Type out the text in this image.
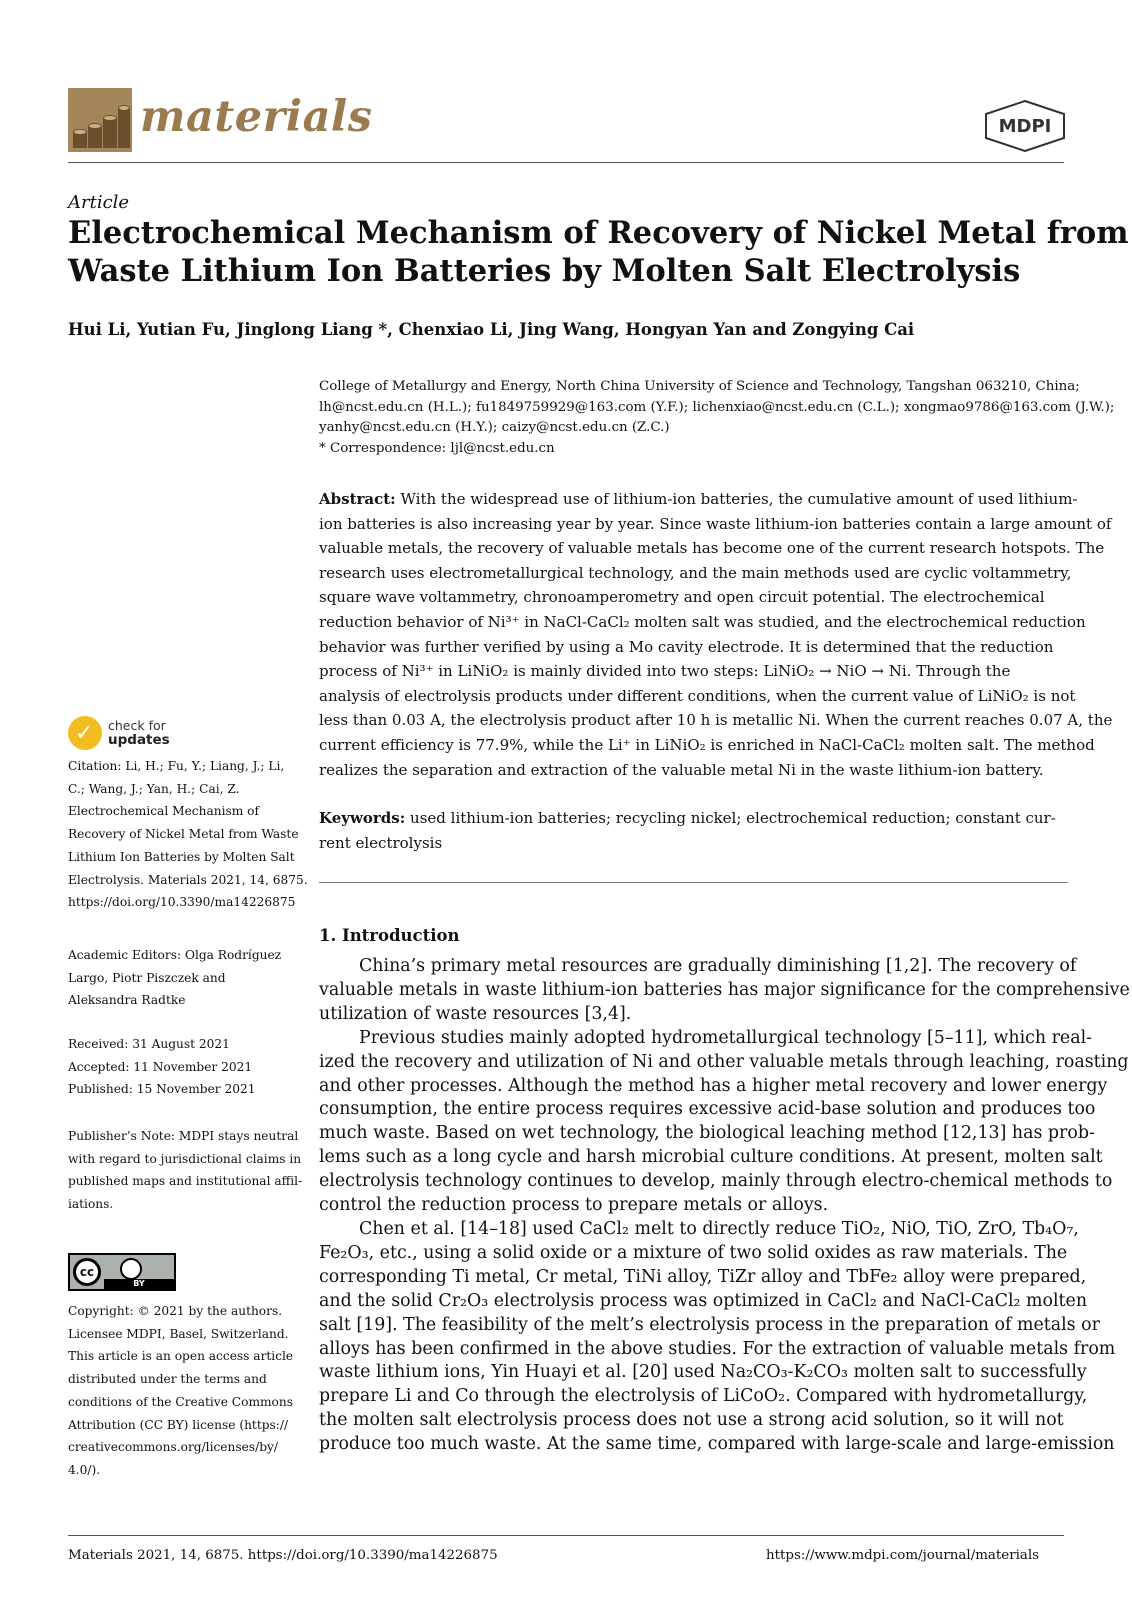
materials	MDPI
Article
Electrochemical Mechanism of Recovery of Nickel Metal from
Waste Lithium Ion Batteries by Molten Salt Electrolysis
Hui Li, Yutian Fu, Jinglong Liang *, Chenxiao Li, Jing Wang, Hongyan Yan and Zongying Cai
College of Metallurgy and Energy, North China University of Science and Technology, Tangshan 063210, China;
lh@ncst.edu.cn (H.L.); fu1849759929@163.com (Y.F.); lichenxiao@ncst.edu.cn (C.L.); xongmao9786@163.com (J.W.);
yanhy@ncst.edu.cn (H.Y.); caizy@ncst.edu.cn (Z.C.)
* Correspondence: ljl@ncst.edu.cn
Abstract: With the widespread use of lithium-ion batteries, the cumulative amount of used lithium-
ion batteries is also increasing year by year. Since waste lithium-ion batteries contain a large amount of
valuable metals, the recovery of valuable metals has become one of the current research hotspots. The
research uses electrometallurgical technology, and the main methods used are cyclic voltammetry,
square wave voltammetry, chronoamperometry and open circuit potential. The electrochemical
reduction behavior of Ni³⁺ in NaCl-CaCl₂ molten salt was studied, and the electrochemical reduction
behavior was further verified by using a Mo cavity electrode. It is determined that the reduction
process of Ni³⁺ in LiNiO₂ is mainly divided into two steps: LiNiO₂ → NiO → Ni. Through the
analysis of electrolysis products under different conditions, when the current value of LiNiO₂ is not
less than 0.03 A, the electrolysis product after 10 h is metallic Ni. When the current reaches 0.07 A, the
current efficiency is 77.9%, while the Li⁺ in LiNiO₂ is enriched in NaCl-CaCl₂ molten salt. The method
realizes the separation and extraction of the valuable metal Ni in the waste lithium-ion battery.
Keywords: used lithium-ion batteries; recycling nickel; electrochemical reduction; constant cur-
rent electrolysis
1. Introduction
China’s primary metal resources are gradually diminishing [1,2]. The recovery of
valuable metals in waste lithium-ion batteries has major significance for the comprehensive
utilization of waste resources [3,4].
Previous studies mainly adopted hydrometallurgical technology [5–11], which real-
ized the recovery and utilization of Ni and other valuable metals through leaching, roasting
and other processes. Although the method has a higher metal recovery and lower energy
consumption, the entire process requires excessive acid-base solution and produces too
much waste. Based on wet technology, the biological leaching method [12,13] has prob-
lems such as a long cycle and harsh microbial culture conditions. At present, molten salt
electrolysis technology continues to develop, mainly through electro-chemical methods to
control the reduction process to prepare metals or alloys.
Chen et al. [14–18] used CaCl₂ melt to directly reduce TiO₂, NiO, TiO, ZrO, Tb₄O₇,
Fe₂O₃, etc., using a solid oxide or a mixture of two solid oxides as raw materials. The
corresponding Ti metal, Cr metal, TiNi alloy, TiZr alloy and TbFe₂ alloy were prepared,
and the solid Cr₂O₃ electrolysis process was optimized in CaCl₂ and NaCl-CaCl₂ molten
salt [19]. The feasibility of the melt’s electrolysis process in the preparation of metals or
alloys has been confirmed in the above studies. For the extraction of valuable metals from
waste lithium ions, Yin Huayi et al. [20] used Na₂CO₃-K₂CO₃ molten salt to successfully
prepare Li and Co through the electrolysis of LiCoO₂. Compared with hydrometallurgy,
the molten salt electrolysis process does not use a strong acid solution, so it will not
produce too much waste. At the same time, compared with large-scale and large-emission
✓ check for
updates
Citation: Li, H.; Fu, Y.; Liang, J.; Li,
C.; Wang, J.; Yan, H.; Cai, Z.
Electrochemical Mechanism of
Recovery of Nickel Metal from Waste
Lithium Ion Batteries by Molten Salt
Electrolysis. Materials 2021, 14, 6875.
https://doi.org/10.3390/ma14226875
Academic Editors: Olga Rodríguez
Largo, Piotr Piszczek and
Aleksandra Radtke
Received: 31 August 2021
Accepted: 11 November 2021
Published: 15 November 2021
Publisher’s Note: MDPI stays neutral
with regard to jurisdictional claims in
published maps and institutional affil-
iations.
cc
BY
Copyright: © 2021 by the authors.
Licensee MDPI, Basel, Switzerland.
This article is an open access article
distributed under the terms and
conditions of the Creative Commons
Attribution (CC BY) license (https://
creativecommons.org/licenses/by/
4.0/).
Materials 2021, 14, 6875. https://doi.org/10.3390/ma14226875	https://www.mdpi.com/journal/materials
